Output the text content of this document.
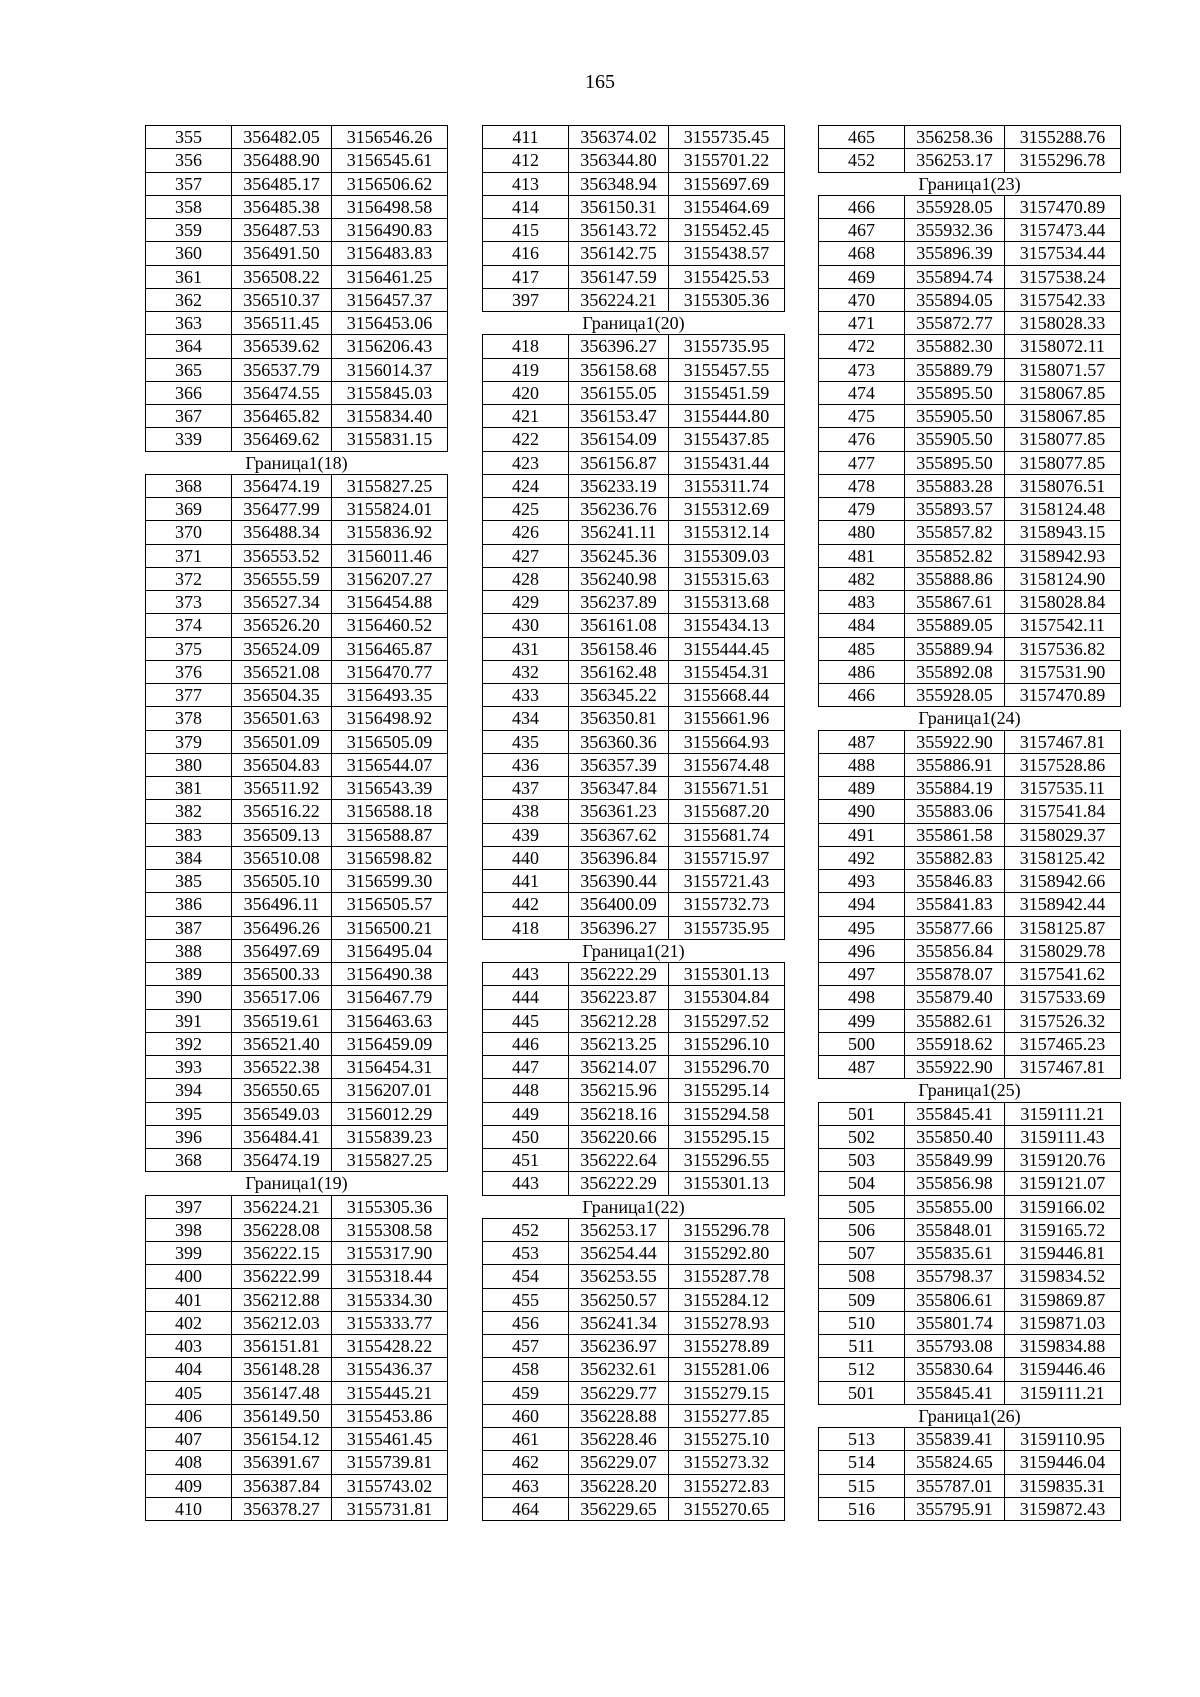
165
355	356482.05	3156546.26
356	356488.90	3156545.61
357	356485.17	3156506.62
358	356485.38	3156498.58
359	356487.53	3156490.83
360	356491.50	3156483.83
361	356508.22	3156461.25
362	356510.37	3156457.37
363	356511.45	3156453.06
364	356539.62	3156206.43
365	356537.79	3156014.37
366	356474.55	3155845.03
367	356465.82	3155834.40
339	356469.62	3155831.15
Граница1(18)		
368	356474.19	3155827.25
369	356477.99	3155824.01
370	356488.34	3155836.92
371	356553.52	3156011.46
372	356555.59	3156207.27
373	356527.34	3156454.88
374	356526.20	3156460.52
375	356524.09	3156465.87
376	356521.08	3156470.77
377	356504.35	3156493.35
378	356501.63	3156498.92
379	356501.09	3156505.09
380	356504.83	3156544.07
381	356511.92	3156543.39
382	356516.22	3156588.18
383	356509.13	3156588.87
384	356510.08	3156598.82
385	356505.10	3156599.30
386	356496.11	3156505.57
387	356496.26	3156500.21
388	356497.69	3156495.04
389	356500.33	3156490.38
390	356517.06	3156467.79
391	356519.61	3156463.63
392	356521.40	3156459.09
393	356522.38	3156454.31
394	356550.65	3156207.01
395	356549.03	3156012.29
396	356484.41	3155839.23
368	356474.19	3155827.25
Граница1(19)		
397	356224.21	3155305.36
398	356228.08	3155308.58
399	356222.15	3155317.90
400	356222.99	3155318.44
401	356212.88	3155334.30
402	356212.03	3155333.77
403	356151.81	3155428.22
404	356148.28	3155436.37
405	356147.48	3155445.21
406	356149.50	3155453.86
407	356154.12	3155461.45
408	356391.67	3155739.81
409	356387.84	3155743.02
410	356378.27	3155731.81
411	356374.02	3155735.45
412	356344.80	3155701.22
413	356348.94	3155697.69
414	356150.31	3155464.69
415	356143.72	3155452.45
416	356142.75	3155438.57
417	356147.59	3155425.53
397	356224.21	3155305.36
Граница1(20)		
418	356396.27	3155735.95
419	356158.68	3155457.55
420	356155.05	3155451.59
421	356153.47	3155444.80
422	356154.09	3155437.85
423	356156.87	3155431.44
424	356233.19	3155311.74
425	356236.76	3155312.69
426	356241.11	3155312.14
427	356245.36	3155309.03
428	356240.98	3155315.63
429	356237.89	3155313.68
430	356161.08	3155434.13
431	356158.46	3155444.45
432	356162.48	3155454.31
433	356345.22	3155668.44
434	356350.81	3155661.96
435	356360.36	3155664.93
436	356357.39	3155674.48
437	356347.84	3155671.51
438	356361.23	3155687.20
439	356367.62	3155681.74
440	356396.84	3155715.97
441	356390.44	3155721.43
442	356400.09	3155732.73
418	356396.27	3155735.95
Граница1(21)		
443	356222.29	3155301.13
444	356223.87	3155304.84
445	356212.28	3155297.52
446	356213.25	3155296.10
447	356214.07	3155296.70
448	356215.96	3155295.14
449	356218.16	3155294.58
450	356220.66	3155295.15
451	356222.64	3155296.55
443	356222.29	3155301.13
Граница1(22)		
452	356253.17	3155296.78
453	356254.44	3155292.80
454	356253.55	3155287.78
455	356250.57	3155284.12
456	356241.34	3155278.93
457	356236.97	3155278.89
458	356232.61	3155281.06
459	356229.77	3155279.15
460	356228.88	3155277.85
461	356228.46	3155275.10
462	356229.07	3155273.32
463	356228.20	3155272.83
464	356229.65	3155270.65
465	356258.36	3155288.76
452	356253.17	3155296.78
Граница1(23)		
466	355928.05	3157470.89
467	355932.36	3157473.44
468	355896.39	3157534.44
469	355894.74	3157538.24
470	355894.05	3157542.33
471	355872.77	3158028.33
472	355882.30	3158072.11
473	355889.79	3158071.57
474	355895.50	3158067.85
475	355905.50	3158067.85
476	355905.50	3158077.85
477	355895.50	3158077.85
478	355883.28	3158076.51
479	355893.57	3158124.48
480	355857.82	3158943.15
481	355852.82	3158942.93
482	355888.86	3158124.90
483	355867.61	3158028.84
484	355889.05	3157542.11
485	355889.94	3157536.82
486	355892.08	3157531.90
466	355928.05	3157470.89
Граница1(24)		
487	355922.90	3157467.81
488	355886.91	3157528.86
489	355884.19	3157535.11
490	355883.06	3157541.84
491	355861.58	3158029.37
492	355882.83	3158125.42
493	355846.83	3158942.66
494	355841.83	3158942.44
495	355877.66	3158125.87
496	355856.84	3158029.78
497	355878.07	3157541.62
498	355879.40	3157533.69
499	355882.61	3157526.32
500	355918.62	3157465.23
487	355922.90	3157467.81
Граница1(25)		
501	355845.41	3159111.21
502	355850.40	3159111.43
503	355849.99	3159120.76
504	355856.98	3159121.07
505	355855.00	3159166.02
506	355848.01	3159165.72
507	355835.61	3159446.81
508	355798.37	3159834.52
509	355806.61	3159869.87
510	355801.74	3159871.03
511	355793.08	3159834.88
512	355830.64	3159446.46
501	355845.41	3159111.21
Граница1(26)		
513	355839.41	3159110.95
514	355824.65	3159446.04
515	355787.01	3159835.31
516	355795.91	3159872.43
